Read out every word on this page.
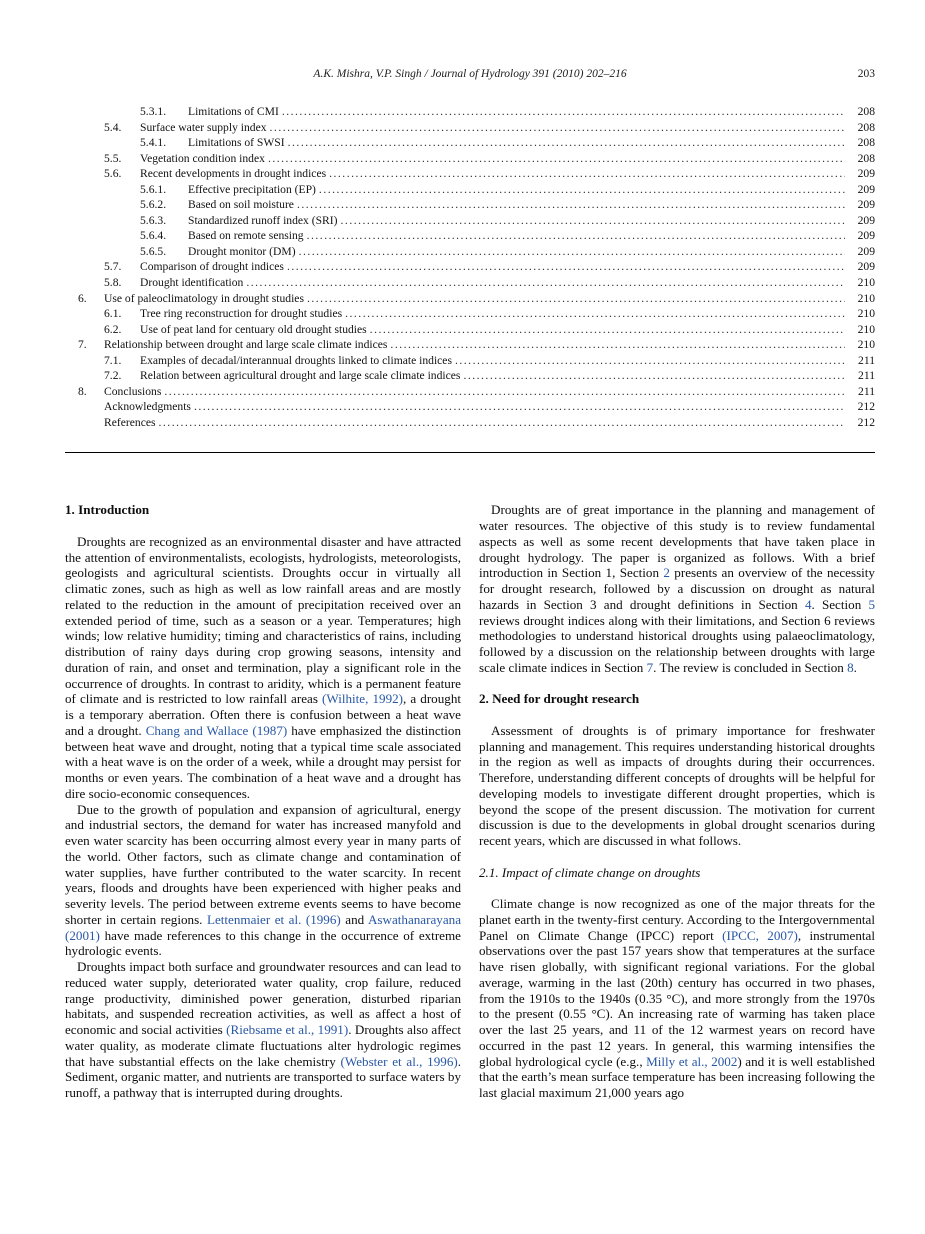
A.K. Mishra, V.P. Singh / Journal of Hydrology 391 (2010) 202–216	203
5.3.1.	Limitations of CMI .....	208
5.4.	Surface water supply index .....	208
5.4.1.	Limitations of SWSI .....	208
5.5.	Vegetation condition index .....	208
5.6.	Recent developments in drought indices .....	209
5.6.1.	Effective precipitation (EP) .....	209
5.6.2.	Based on soil moisture .....	209
5.6.3.	Standardized runoff index (SRI) .....	209
5.6.4.	Based on remote sensing .....	209
5.6.5.	Drought monitor (DM) .....	209
5.7.	Comparison of drought indices .....	209
5.8.	Drought identification .....	210
6.	Use of paleoclimatology in drought studies .....	210
6.1.	Tree ring reconstruction for drought studies .....	210
6.2.	Use of peat land for centuary old drought studies .....	210
7.	Relationship between drought and large scale climate indices .....	210
7.1.	Examples of decadal/interannual droughts linked to climate indices .....	211
7.2.	Relation between agricultural drought and large scale climate indices .....	211
8.	Conclusions .....	211
Acknowledgments .....	212
References .....	212
1. Introduction

Droughts are recognized as an environmental disaster and have attracted the attention of environmentalists, ecologists, hydrologists, meteorologists, geologists and agricultural scientists. Droughts occur in virtually all climatic zones, such as high as well as low rainfall areas and are mostly related to the reduction in the amount of precipitation received over an extended period of time, such as a season or a year. Temperatures; high winds; low relative humidity; timing and characteristics of rains, including distribution of rainy days during crop growing seasons, intensity and duration of rain, and onset and termination, play a significant role in the occurrence of droughts. In contrast to aridity, which is a permanent feature of climate and is restricted to low rainfall areas (Wilhite, 1992), a drought is a temporary aberration. Often there is confusion between a heat wave and a drought. Chang and Wallace (1987) have emphasized the distinction between heat wave and drought, noting that a typical time scale associated with a heat wave is on the order of a week, while a drought may persist for months or even years. The combination of a heat wave and a drought has dire socio-economic consequences.

Due to the growth of population and expansion of agricultural, energy and industrial sectors, the demand for water has increased manyfold and even water scarcity has been occurring almost every year in many parts of the world. Other factors, such as climate change and contamination of water supplies, have further contributed to the water scarcity. In recent years, floods and droughts have been experienced with higher peaks and severity levels. The period between extreme events seems to have become shorter in certain regions. Lettenmaier et al. (1996) and Aswathanarayana (2001) have made references to this change in the occurrence of extreme hydrologic events.

Droughts impact both surface and groundwater resources and can lead to reduced water supply, deteriorated water quality, crop failure, reduced range productivity, diminished power generation, disturbed riparian habitats, and suspended recreation activities, as well as affect a host of economic and social activities (Riebsame et al., 1991). Droughts also affect water quality, as moderate climate fluctuations alter hydrologic regimes that have substantial effects on the lake chemistry (Webster et al., 1996). Sediment, organic matter, and nutrients are transported to surface waters by runoff, a pathway that is interrupted during droughts.

Droughts are of great importance in the planning and management of water resources. The objective of this study is to review fundamental aspects as well as some recent developments that have taken place in drought hydrology. The paper is organized as follows. With a brief introduction in Section 1, Section 2 presents an overview of the necessity for drought research, followed by a discussion on drought as natural hazards in Section 3 and drought definitions in Section 4. Section 5 reviews drought indices along with their limitations, and Section 6 reviews methodologies to understand historical droughts using palaeoclimatology, followed by a discussion on the relationship between droughts with large scale climate indices in Section 7. The review is concluded in Section 8.

2. Need for drought research

Assessment of droughts is of primary importance for freshwater planning and management. This requires understanding historical droughts in the region as well as impacts of droughts during their occurrences. Therefore, understanding different concepts of droughts will be helpful for developing models to investigate different drought properties, which is beyond the scope of the present discussion. The motivation for current discussion is due to the developments in global drought scenarios during recent years, which are discussed in what follows.

2.1. Impact of climate change on droughts

Climate change is now recognized as one of the major threats for the planet earth in the twenty-first century. According to the Intergovernmental Panel on Climate Change (IPCC) report (IPCC, 2007), instrumental observations over the past 157 years show that temperatures at the surface have risen globally, with significant regional variations. For the global average, warming in the last (20th) century has occurred in two phases, from the 1910s to the 1940s (0.35 °C), and more strongly from the 1970s to the present (0.55 °C). An increasing rate of warming has taken place over the last 25 years, and 11 of the 12 warmest years on record have occurred in the past 12 years. In general, this warming intensifies the global hydrological cycle (e.g., Milly et al., 2002) and it is well established that the earth’s mean surface temperature has been increasing following the last glacial maximum 21,000 years ago
